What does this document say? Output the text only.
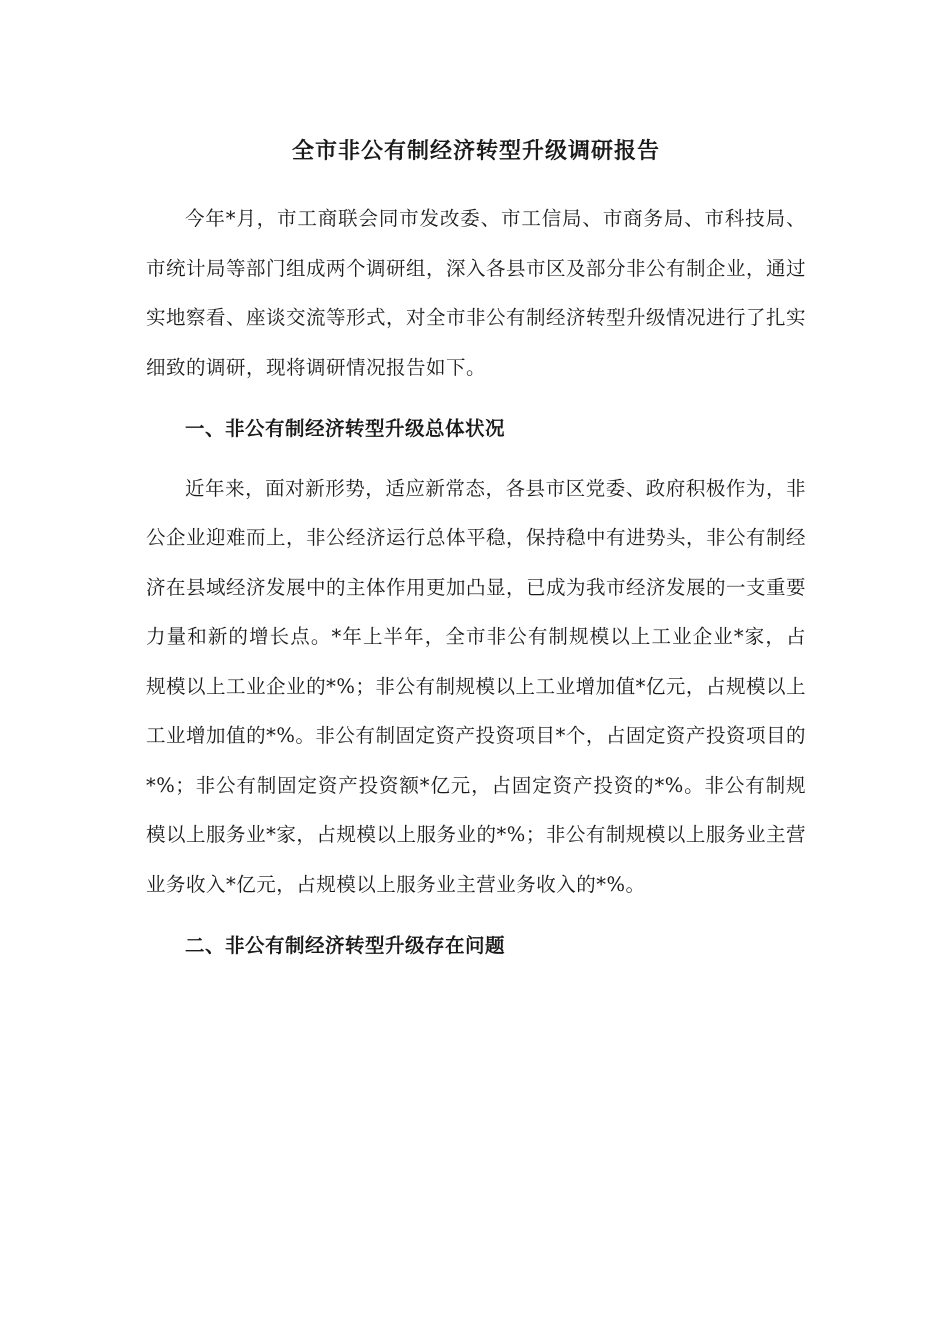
全市非公有制经济转型升级调研报告

今年*月，市工商联会同市发改委、市工信局、市商务局、市科技局、市统计局等部门组成两个调研组，深入各县市区及部分非公有制企业，通过实地察看、座谈交流等形式，对全市非公有制经济转型升级情况进行了扎实细致的调研，现将调研情况报告如下。

一、非公有制经济转型升级总体状况

近年来，面对新形势，适应新常态，各县市区党委、政府积极作为，非公企业迎难而上，非公经济运行总体平稳，保持稳中有进势头，非公有制经济在县域经济发展中的主体作用更加凸显，已成为我市经济发展的一支重要力量和新的增长点。*年上半年，全市非公有制规模以上工业企业*家，占规模以上工业企业的*%；非公有制规模以上工业增加值*亿元，占规模以上工业增加值的*%。非公有制固定资产投资项目*个，占固定资产投资项目的*%；非公有制固定资产投资额*亿元，占固定资产投资的*%。非公有制规模以上服务业*家，占规模以上服务业的*%；非公有制规模以上服务业主营业务收入*亿元，占规模以上服务业主营业务收入的*%。

二、非公有制经济转型升级存在问题
